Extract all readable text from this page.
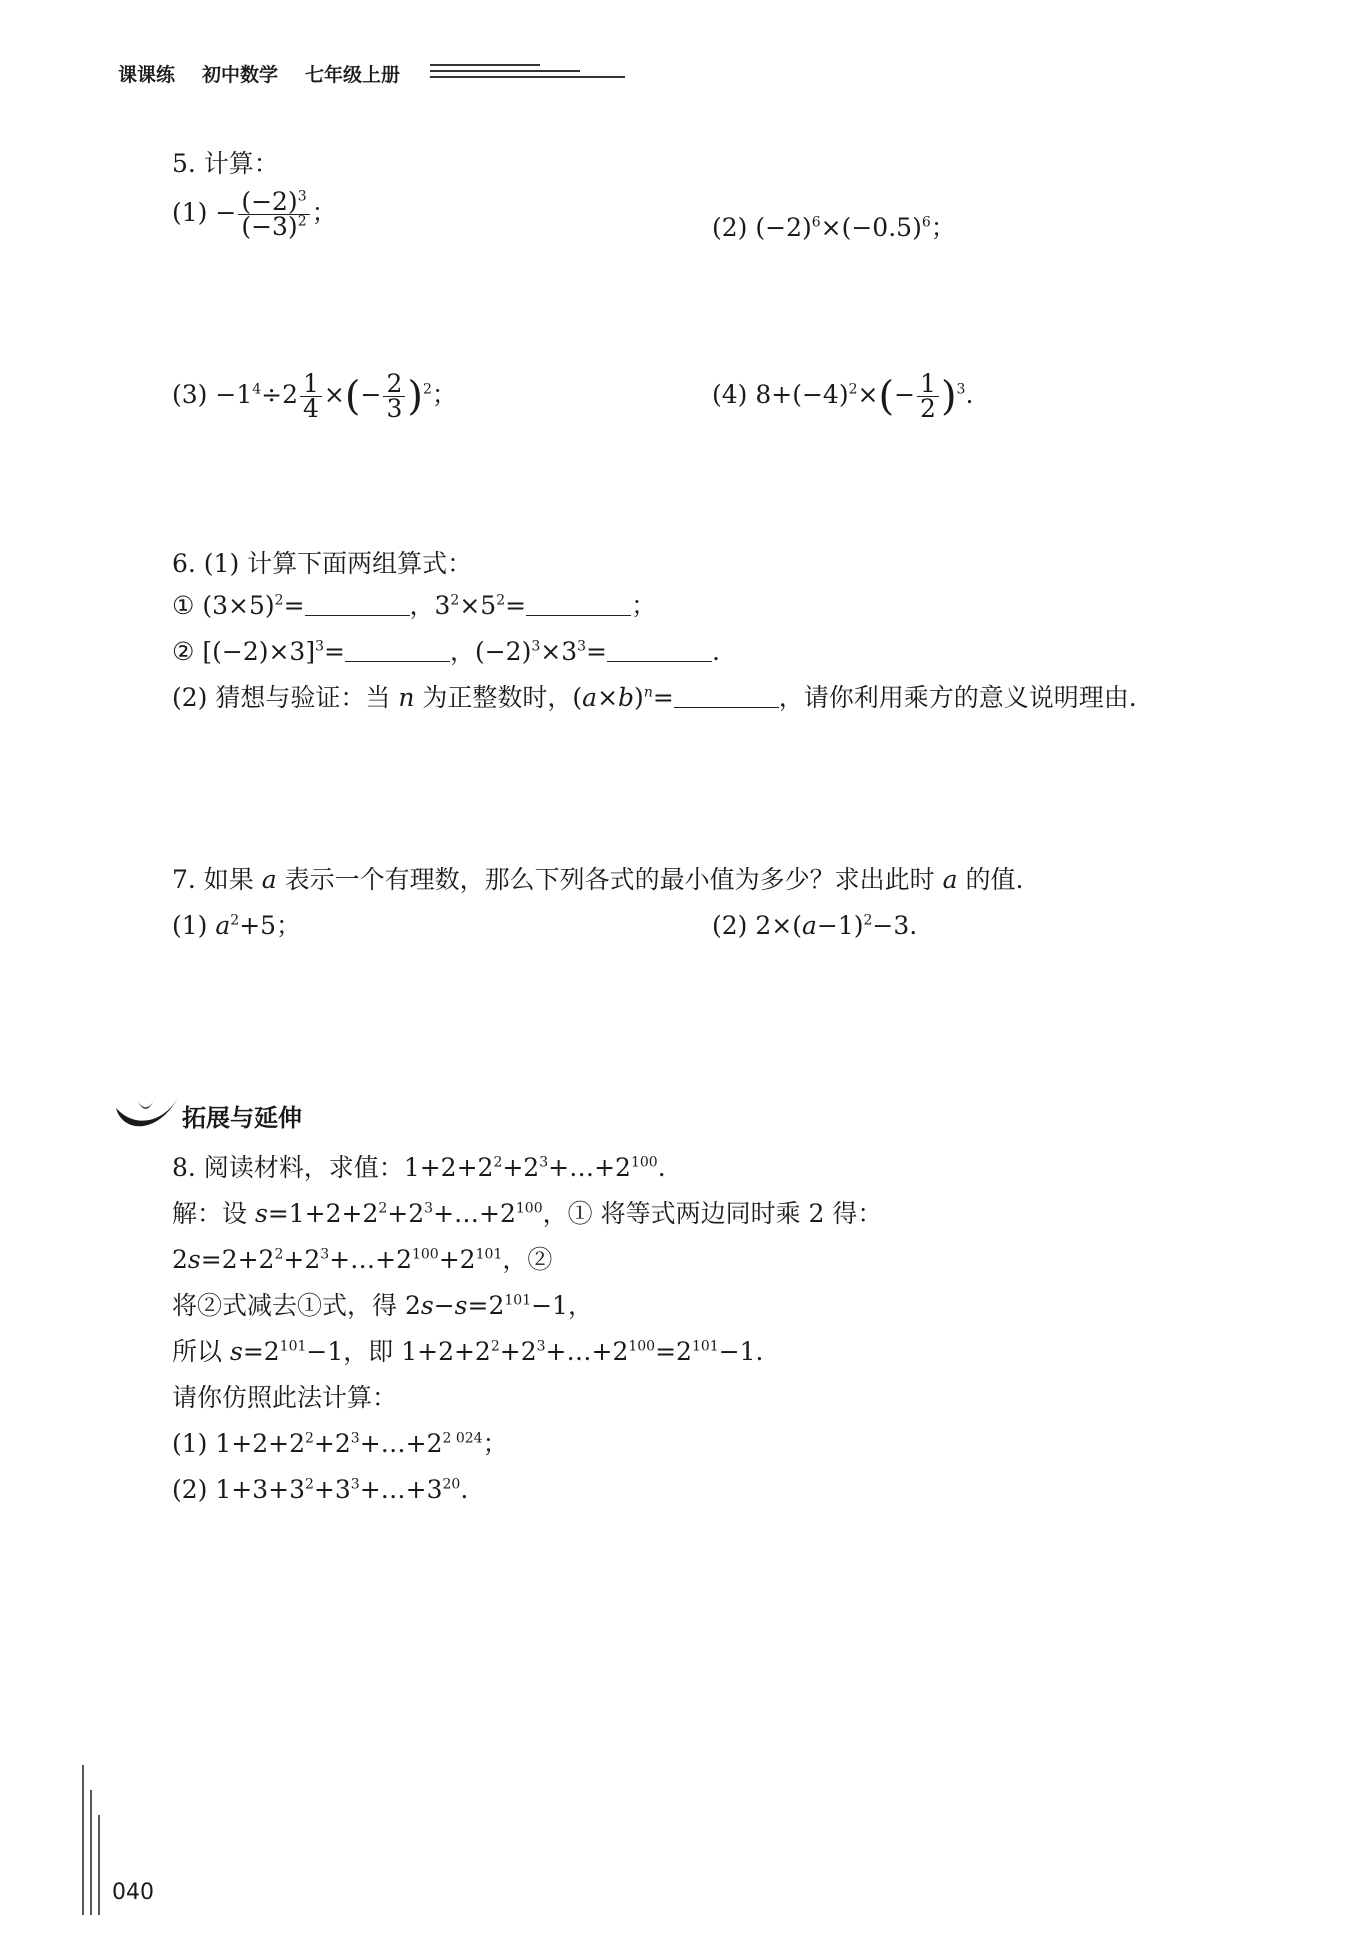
课课练 初中数学 七年级上册
5. 计算：
$(1) - \frac{(-2)^3}{(-3)^2}$ ；
(2) $(-2)^6\times(-0.5)^6$；
$(3) -1^4\div 2 \frac{1}{4}$ ×(− $\frac{2}{3} )^2$；	(4) $8+(-4)^2\times(- \frac{1}{2} )^3$.
6. (1) 计算下面两组算式：
① $(3\times 5)^2=$	，$3^2\times 5^2=$	；
② $[(-2)\times 3]^3=$	，$(-2)^3\times 3^3=$	.
(2) 猜想与验证：当 n 为正整数时，$(a\times b)^n=$	，请你利用乘方的意义说明理由.
7. 如果 a 表示一个有理数，那么下列各式的最小值为多少？求出此时 a 的值.
(1) $a^2+5$；	(2) $2\times(a-1)^2-3$.
拓展与延伸
8. 阅读材料，求值：$1+2+2^2+2^3+\dots+2^{100}$.
解：设 $s=1+2+2^2+2^3+\dots+2^{100}$，① 将等式两边同时乘 2 得：
$2s=2+2^2+2^3+\dots+2^{100}+2^{101}$，②
将②式减去①式，得 $2s-s=2^{101}-1$，
所以 $s=2^{101}-1$，即 $1+2+2^2+2^3+\dots+2^{100}=2^{101}-1$.
请你仿照此法计算：
(1) $1+2+2^2+2^3+\dots+2^{2 024}$；
(2) $1+3+3^2+3^3+\dots+3^{20}$.
040
